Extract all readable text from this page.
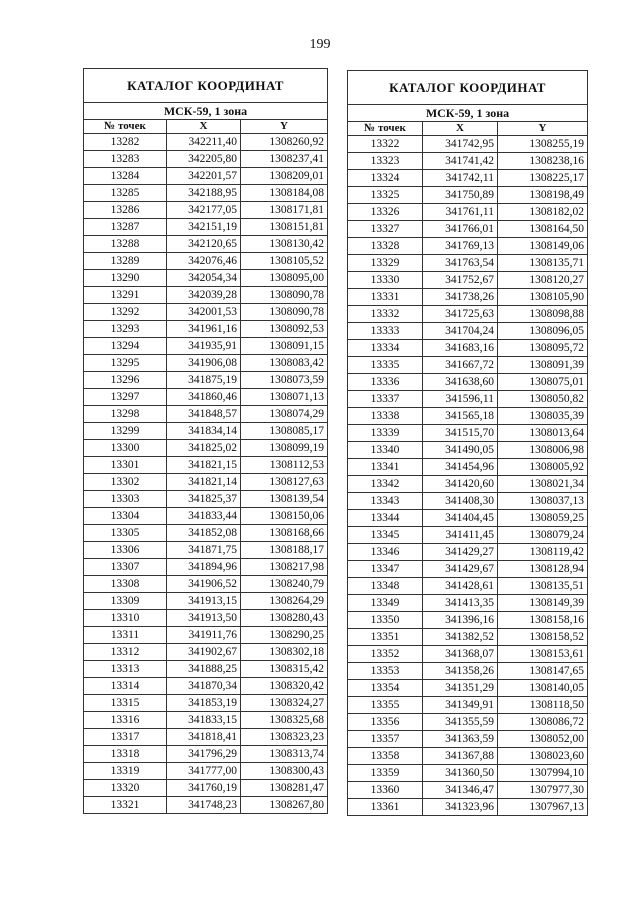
199
КАТАЛОГ КООРДИНАТ		
МСК-59, 1 зона		
№ точек	X	Y
13282	342211,40	1308260,92
13283	342205,80	1308237,41
13284	342201,57	1308209,01
13285	342188,95	1308184,08
13286	342177,05	1308171,81
13287	342151,19	1308151,81
13288	342120,65	1308130,42
13289	342076,46	1308105,52
13290	342054,34	1308095,00
13291	342039,28	1308090,78
13292	342001,53	1308090,78
13293	341961,16	1308092,53
13294	341935,91	1308091,15
13295	341906,08	1308083,42
13296	341875,19	1308073,59
13297	341860,46	1308071,13
13298	341848,57	1308074,29
13299	341834,14	1308085,17
13300	341825,02	1308099,19
13301	341821,15	1308112,53
13302	341821,14	1308127,63
13303	341825,37	1308139,54
13304	341833,44	1308150,06
13305	341852,08	1308168,66
13306	341871,75	1308188,17
13307	341894,96	1308217,98
13308	341906,52	1308240,79
13309	341913,15	1308264,29
13310	341913,50	1308280,43
13311	341911,76	1308290,25
13312	341902,67	1308302,18
13313	341888,25	1308315,42
13314	341870,34	1308320,42
13315	341853,19	1308324,27
13316	341833,15	1308325,68
13317	341818,41	1308323,23
13318	341796,29	1308313,74
13319	341777,00	1308300,43
13320	341760,19	1308281,47
13321	341748,23	1308267,80
КАТАЛОГ КООРДИНАТ		
МСК-59, 1 зона		
№ точек	X	Y
13322	341742,95	1308255,19
13323	341741,42	1308238,16
13324	341742,11	1308225,17
13325	341750,89	1308198,49
13326	341761,11	1308182,02
13327	341766,01	1308164,50
13328	341769,13	1308149,06
13329	341763,54	1308135,71
13330	341752,67	1308120,27
13331	341738,26	1308105,90
13332	341725,63	1308098,88
13333	341704,24	1308096,05
13334	341683,16	1308095,72
13335	341667,72	1308091,39
13336	341638,60	1308075,01
13337	341596,11	1308050,82
13338	341565,18	1308035,39
13339	341515,70	1308013,64
13340	341490,05	1308006,98
13341	341454,96	1308005,92
13342	341420,60	1308021,34
13343	341408,30	1308037,13
13344	341404,45	1308059,25
13345	341411,45	1308079,24
13346	341429,27	1308119,42
13347	341429,67	1308128,94
13348	341428,61	1308135,51
13349	341413,35	1308149,39
13350	341396,16	1308158,16
13351	341382,52	1308158,52
13352	341368,07	1308153,61
13353	341358,26	1308147,65
13354	341351,29	1308140,05
13355	341349,91	1308118,50
13356	341355,59	1308086,72
13357	341363,59	1308052,00
13358	341367,88	1308023,60
13359	341360,50	1307994,10
13360	341346,47	1307977,30
13361	341323,96	1307967,13
